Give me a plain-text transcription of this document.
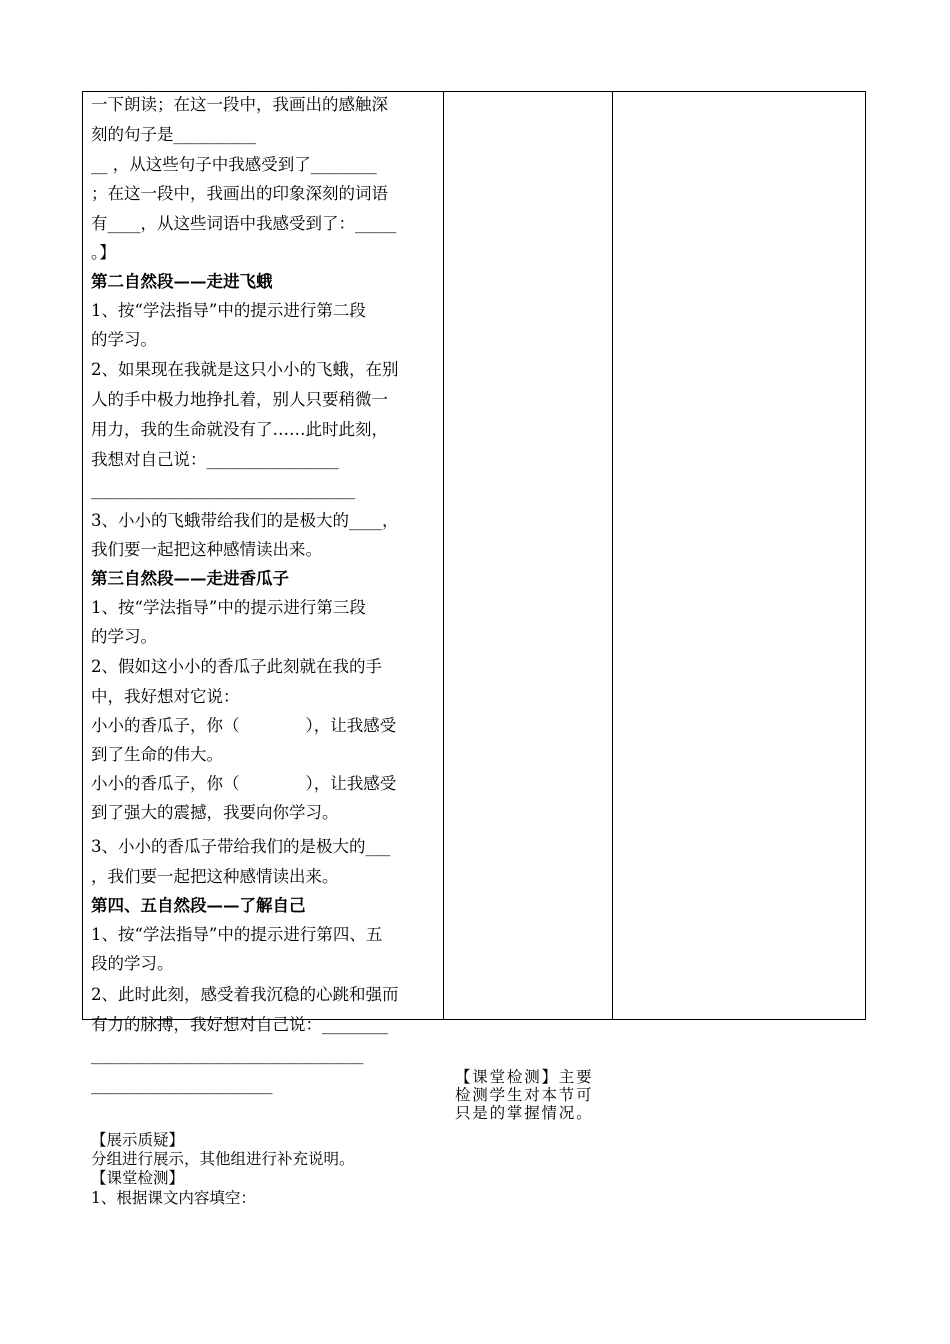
一下朗读；在这一段中，我画出的感触深
刻的句子是__________
__ ，从这些句子中我感受到了________
；在这一段中，我画出的印象深刻的词语
有____，从这些词语中我感受到了：_____
。】
第二自然段——走进飞蛾
1、按“学法指导”中的提示进行第二段
的学习。
2、如果现在我就是这只小小的飞蛾，在别
人的手中极力地挣扎着，别人只要稍微一
用力，我的生命就没有了……此时此刻，
我想对自己说：________________
________________________________
3、小小的飞蛾带给我们的是极大的____，
我们要一起把这种感情读出来。
第三自然段——走进香瓜子
1、按“学法指导”中的提示进行第三段
的学习。
2、假如这小小的香瓜子此刻就在我的手
中，我好想对它说：
小小的香瓜子，你（　　　　），让我感受
到了生命的伟大。
小小的香瓜子，你（　　　　），让我感受
到了强大的震撼，我要向你学习。
3、小小的香瓜子带给我们的是极大的___
，我们要一起把这种感情读出来。
第四、五自然段——了解自己
1、按“学法指导”中的提示进行第四、五
段的学习。
2、此时此刻，感受着我沉稳的心跳和强而
有力的脉搏，我好想对自己说：________
_________________________________
______________________
【展示质疑】
分组进行展示，其他组进行补充说明。
【课堂检测】
1、根据课文内容填空：
【课堂检测】主要检测学生对本节可只是的掌握情况。
